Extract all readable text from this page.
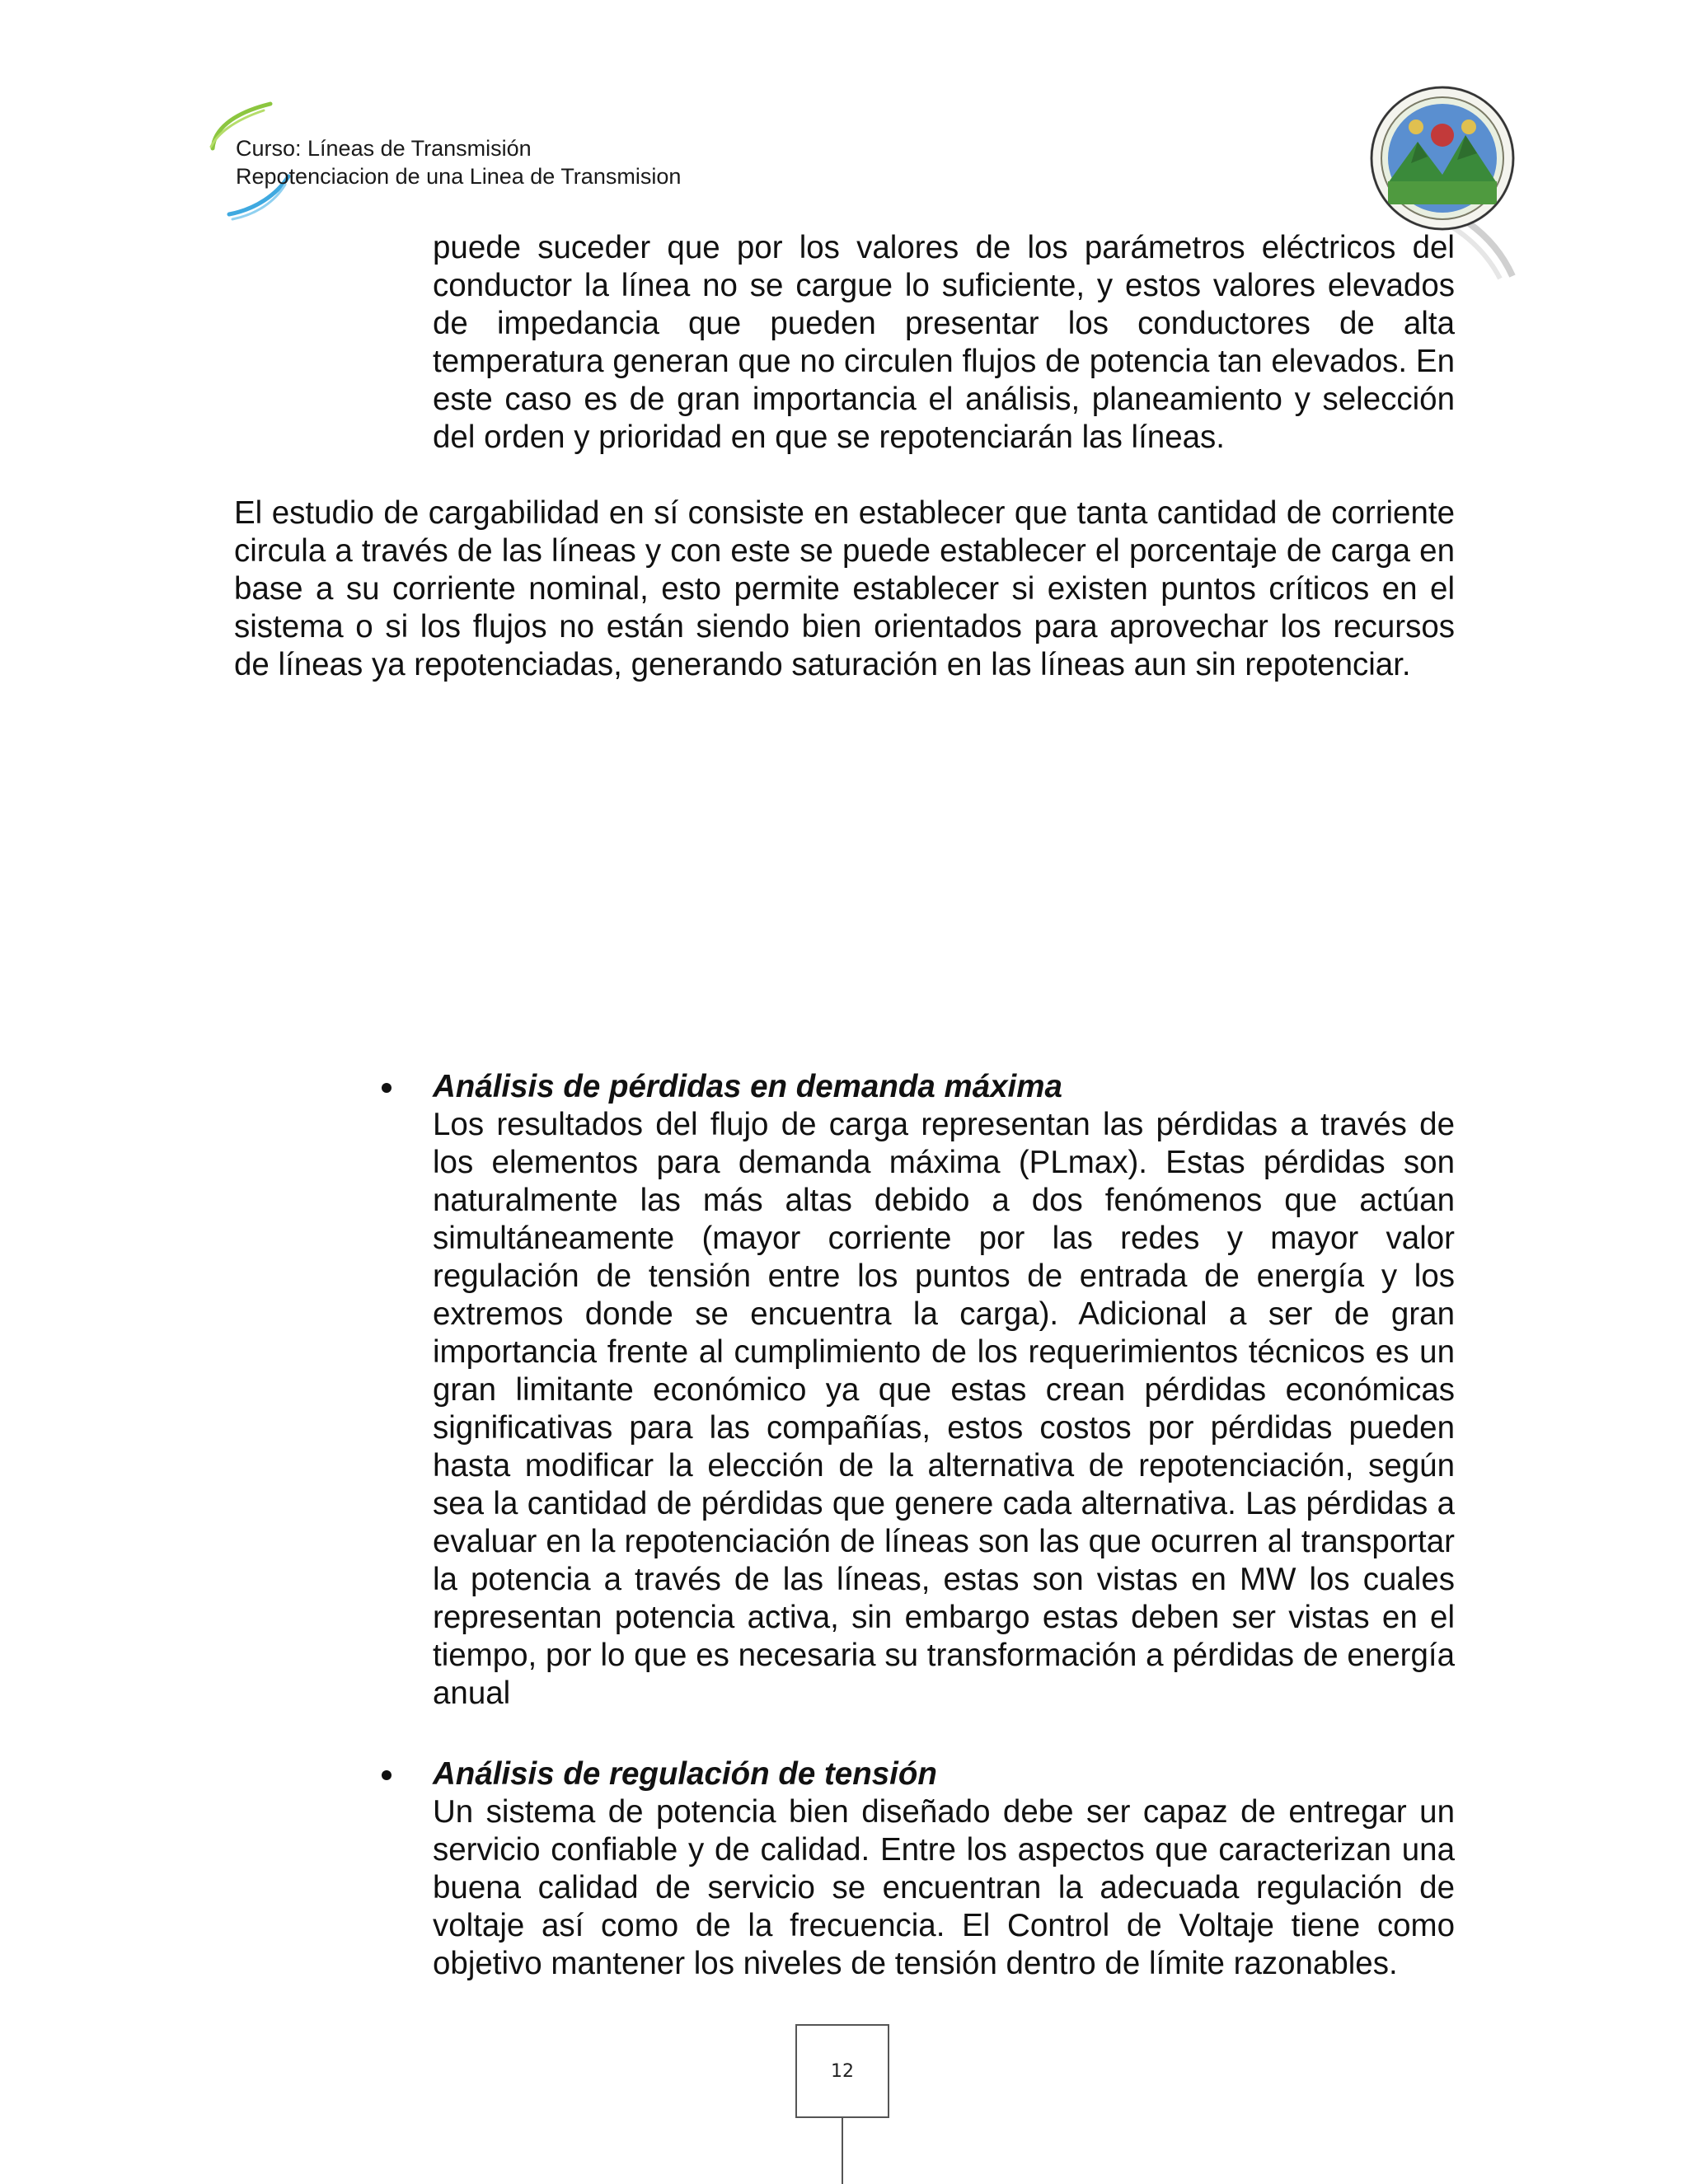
Curso: Líneas de Transmisión
Repotenciacion de una Linea de Transmision

puede suceder que por los valores de los parámetros eléctricos del conductor la línea no se cargue lo suficiente, y estos valores elevados de impedancia que pueden presentar los conductores de alta temperatura generan que no circulen flujos de potencia tan elevados. En este caso es de gran importancia el análisis, planeamiento y selección del orden y prioridad en que se repotenciarán las líneas.

El estudio de cargabilidad en sí consiste en establecer que tanta cantidad de corriente circula a través de las líneas y con este se puede establecer el porcentaje de carga en base a su corriente nominal, esto permite establecer si existen puntos críticos en el sistema o si los flujos no están siendo bien orientados para aprovechar los recursos de líneas ya repotenciadas, generando saturación en las líneas aun sin repotenciar.

Análisis de pérdidas en demanda máxima

Los resultados del flujo de carga representan las pérdidas a través de los elementos para demanda máxima (PLmax). Estas pérdidas son naturalmente las más altas debido a dos fenómenos que actúan simultáneamente (mayor corriente por las redes y mayor valor regulación de tensión entre los puntos de entrada de energía y los extremos donde se encuentra la carga). Adicional a ser de gran importancia frente al cumplimiento de los requerimientos técnicos es un gran limitante económico ya que estas crean pérdidas económicas significativas para las compañías, estos costos por pérdidas pueden hasta modificar la elección de la alternativa de repotenciación, según sea la cantidad de pérdidas que genere cada alternativa. Las pérdidas a evaluar en la repotenciación de líneas son las que ocurren al transportar la potencia a través de las líneas, estas son vistas en MW los cuales representan potencia activa, sin embargo estas deben ser vistas en el tiempo, por lo que es necesaria su transformación a pérdidas de energía anual

Análisis de regulación de tensión

Un sistema de potencia bien diseñado debe ser capaz de entregar un servicio confiable y de calidad. Entre los aspectos que caracterizan una buena calidad de servicio se encuentran la adecuada regulación de voltaje así como de la frecuencia. El Control de Voltaje tiene como objetivo mantener los niveles de tensión dentro de límite razonables.

12
